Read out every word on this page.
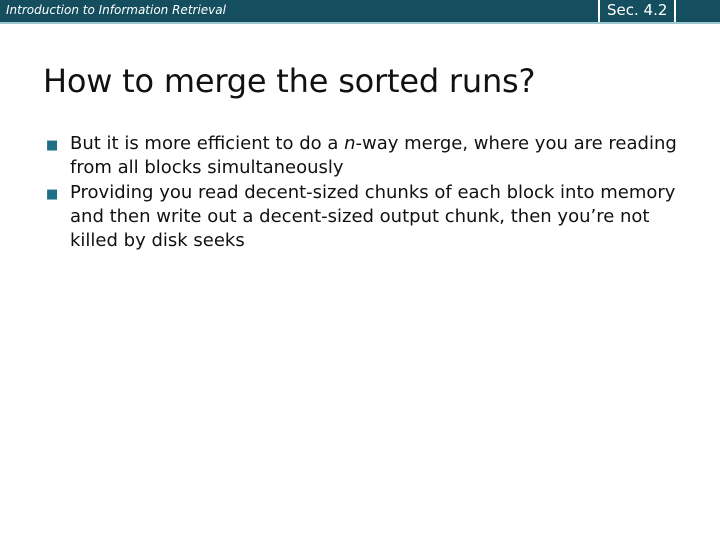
Introduction to Information Retrieval	Sec. 4.2
How to merge the sorted runs?
■ But it is more efficient to do a n-way merge, where you are reading from all blocks simultaneously
■ Providing you read decent-sized chunks of each block into memory and then write out a decent-sized output chunk, then you’re not killed by disk seeks
